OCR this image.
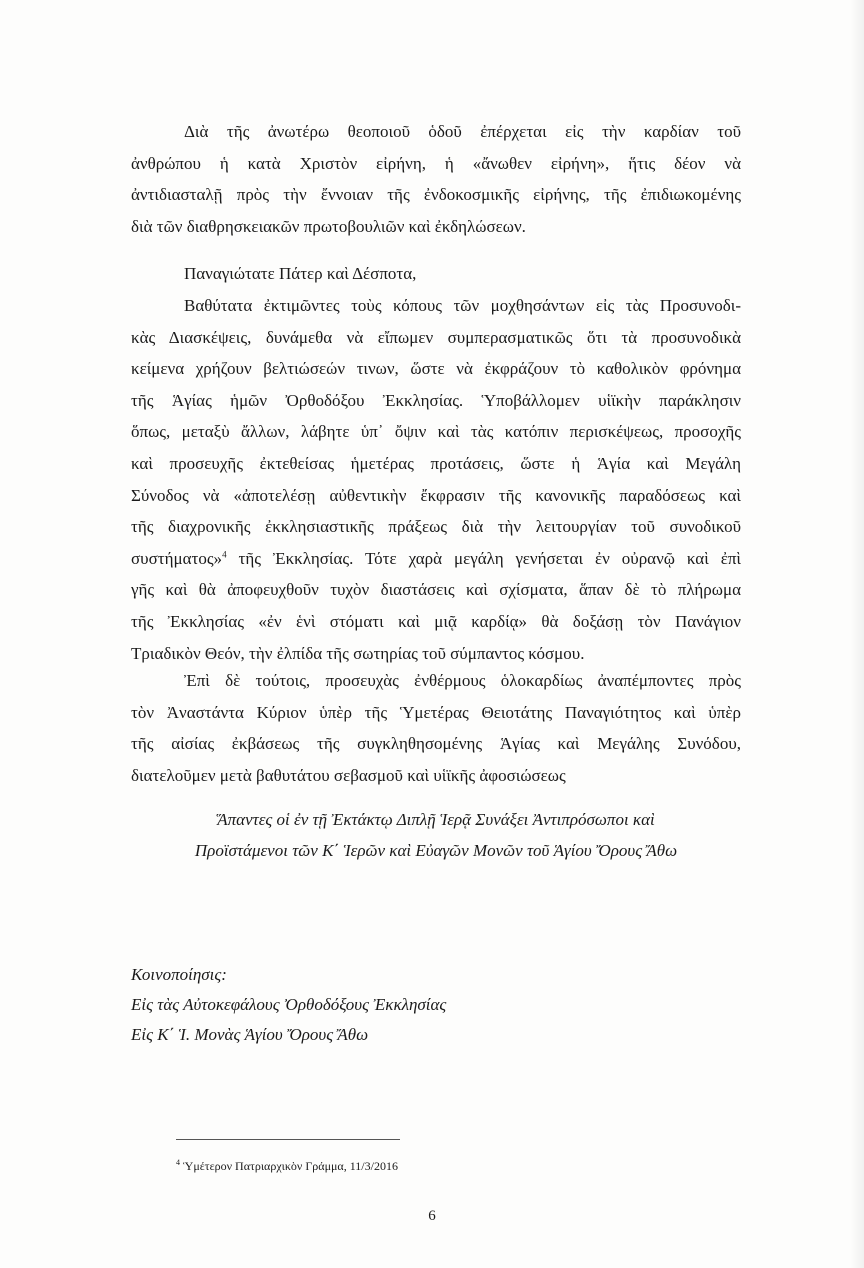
Διὰ τῆς ἀνωτέρω θεοποιοῦ ὁδοῦ ἐπέρχεται εἰς τὴν καρδίαν τοῦ
ἀνθρώπου ἡ κατὰ Χριστὸν εἰρήνη, ἡ «ἄνωθεν εἰρήνη», ἥτις δέον νὰ
ἀντιδιασταλῇ πρὸς τὴν ἔννοιαν τῆς ἐνδοκοσμικῆς εἰρήνης, τῆς ἐπιδιωκομένης
διὰ τῶν διαθρησκειακῶν πρωτοβουλιῶν καὶ ἐκδηλώσεων.

Παναγιώτατε Πάτερ καὶ Δέσποτα,

Βαθύτατα ἐκτιμῶντες τοὺς κόπους τῶν μοχθησάντων εἰς τὰς Προσυνοδι-
κὰς Διασκέψεις, δυνάμεθα νὰ εἴπωμεν συμπερασματικῶς ὅτι τὰ προσυνοδικὰ
κείμενα χρήζουν βελτιώσεών τινων, ὥστε νὰ ἐκφράζουν τὸ καθολικὸν φρόνημα
τῆς Ἁγίας ἡμῶν Ὀρθοδόξου Ἐκκλησίας. Ὑποβάλλομεν υἱϊκὴν παράκλησιν
ὅπως, μεταξὺ ἄλλων, λάβητε ὑπ᾿ ὄψιν καὶ τὰς κατόπιν περισκέψεως, προσοχῆς
καὶ προσευχῆς ἐκτεθείσας ἡμετέρας προτάσεις, ὥστε ἡ Ἁγία καὶ Μεγάλη
Σύνοδος νὰ «ἀποτελέσῃ αὐθεντικὴν ἔκφρασιν τῆς κανονικῆς παραδόσεως καὶ
τῆς διαχρονικῆς ἐκκλησιαστικῆς πράξεως διὰ τὴν λειτουργίαν τοῦ συνοδικοῦ
συστήματος»$^4$ τῆς Ἐκκλησίας. Τότε χαρὰ μεγάλη γενήσεται ἐν οὐρανῷ καὶ ἐπὶ
γῆς καὶ θὰ ἀποφευχθοῦν τυχὸν διαστάσεις καὶ σχίσματα, ἅπαν δὲ τὸ πλήρωμα
τῆς Ἐκκλησίας «ἐν ἑνὶ στόματι καὶ μιᾷ καρδίᾳ» θὰ δοξάσῃ τὸν Πανάγιον
Τριαδικὸν Θεόν, τὴν ἐλπίδα τῆς σωτηρίας τοῦ σύμπαντος κόσμου.

Ἐπὶ δὲ τούτοις, προσευχὰς ἐνθέρμους ὁλοκαρδίως ἀναπέμποντες πρὸς
τὸν Ἀναστάντα Κύριον ὑπὲρ τῆς Ὑμετέρας Θειοτάτης Παναγιότητος καὶ ὑπὲρ
τῆς αἰσίας ἐκβάσεως τῆς συγκληθησομένης Ἁγίας καὶ Μεγάλης Συνόδου,
διατελοῦμεν μετὰ βαθυτάτου σεβασμοῦ καὶ υἱϊκῆς ἀφοσιώσεως

Ἅπαντες οἱ ἐν τῇ Ἐκτάκτῳ Διπλῇ Ἱερᾷ Συνάξει Ἀντιπρόσωποι καὶ
Προϊστάμενοι τῶν Κ΄ Ἱερῶν καὶ Εὐαγῶν Μονῶν τοῦ Ἁγίου Ὄρους Ἄθω
Κοινοποίησις:
Εἰς τὰς Αὐτοκεφάλους Ὀρθοδόξους Ἐκκλησίας
Εἰς Κ΄ Ἱ. Μονὰς Ἁγίου Ὄρους Ἄθω
$^4$ Ὑμέτερον Πατριαρχικὸν Γράμμα, 11/3/2016
6
